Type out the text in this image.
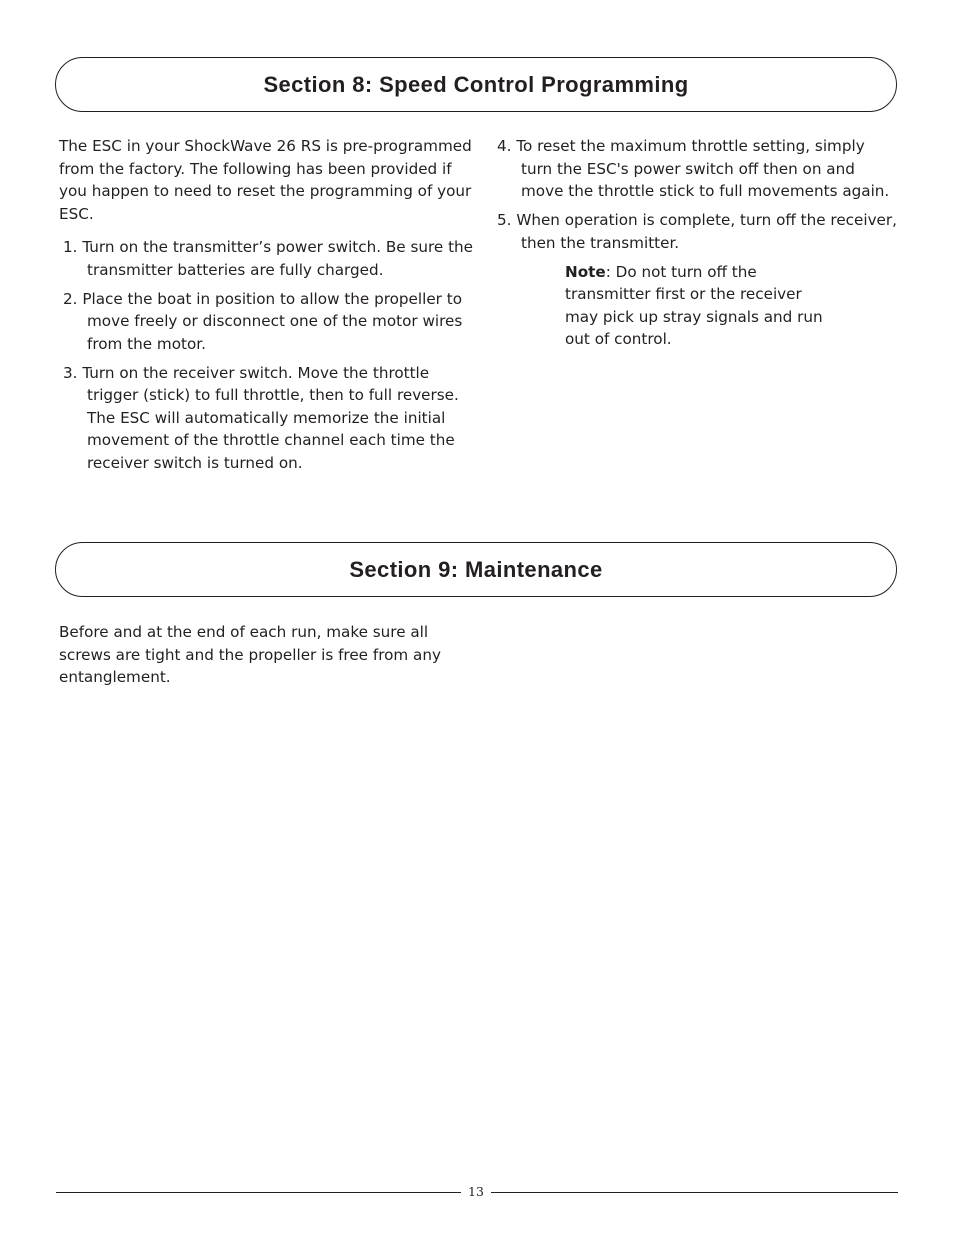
Section 8: Speed Control Programming

The ESC in your ShockWave 26 RS is pre-programmed from the factory. The following has been provided if you happen to need to reset the programming of your ESC.

1. Turn on the transmitter’s power switch. Be sure the transmitter batteries are fully charged.
2. Place the boat in position to allow the propeller to move freely or disconnect one of the motor wires from the motor.
3. Turn on the receiver switch. Move the throttle trigger (stick) to full throttle, then to full reverse. The ESC will automatically memorize the initial movement of the throttle channel each time the receiver switch is turned on.
4. To reset the maximum throttle setting, simply turn the ESC's power switch off then on and move the throttle stick to full movements again.
5. When operation is complete, turn off the receiver, then the transmitter.

Note: Do not turn off the transmitter first or the receiver may pick up stray signals and run out of control.

Section 9: Maintenance

Before and at the end of each run, make sure all screws are tight and the propeller is free from any entanglement.

13
